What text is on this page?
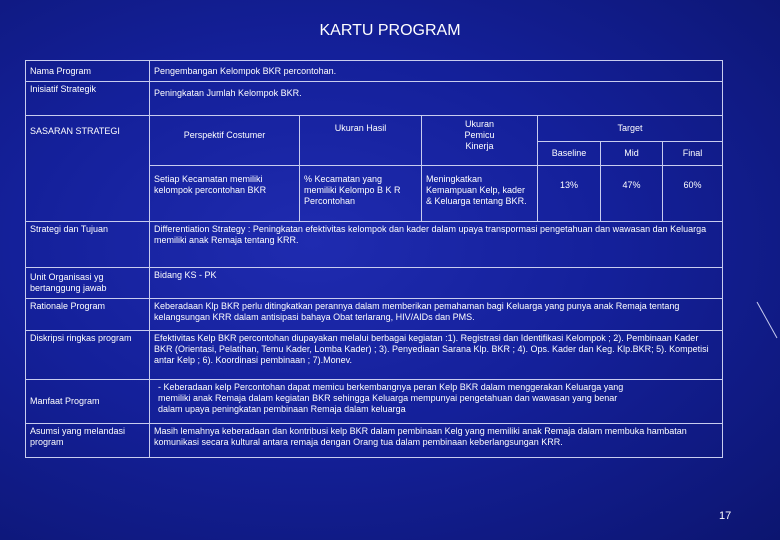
KARTU PROGRAM
Nama Program	Pengembangan Kelompok BKR percontohan.					
Inisiatif Strategik	Peningkatan Jumlah Kelompok BKR.					
SASARAN STRATEGI	Perspektif Costumer	Ukuran Hasil	Ukuran Pemicu Kinerja	Target		
				Baseline	Mid	Final
	Setiap Kecamatan memiliki kelompok percontohan BKR	% Kecamatan yang memiliki Kelompo B K R Percontohan	Meningkatkan Kemampuan Kelp, kader & Keluarga tentang BKR.	13%	47%	60%
Strategi dan Tujuan	Differentiation Strategy : Peningkatan efektivitas kelompok dan kader dalam upaya transpormasi pengetahuan dan wawasan dan Keluarga memiliki anak Remaja tentang KRR.					
Unit Organisasi yg bertanggung jawab	Bidang KS - PK					
Rationale Program	Keberadaan Klp BKR perlu ditingkatkan perannya dalam memberikan pemahaman bagi Keluarga yang punya anak Remaja tentang kelangsungan KRR dalam antisipasi bahaya Obat terlarang, HIV/AIDs dan PMS.					
Diskripsi ringkas program	Efektivitas Kelp BKR percontohan diupayakan melalui berbagai kegiatan :1). Registrasi dan Identifikasi Kelompok ; 2). Pembinaan Kader BKR (Orientasi, Pelatihan, Temu Kader, Lomba Kader) ; 3). Penyediaan Sarana Klp. BKR ; 4). Ops. Kader dan Keg. Klp.BKR; 5). Kompetisi antar Kelp ; 6). Koordinasi pembinaan ; 7).Monev.					
Manfaat Program	- Keberadaan kelp Percontohan dapat memicu berkembangnya peran Kelp BKR dalam menggerakan Keluarga yang memiliki anak Remaja dalam kegiatan BKR sehingga Keluarga mempunyai pengetahuan dan wawasan yang benar dalam upaya peningkatan pembinaan Remaja dalam keluarga					
Asumsi yang melandasi program	Masih lemahnya keberadaan dan kontribusi kelp BKR dalam pembinaan Kelg yang memiliki anak Remaja dalam membuka hambatan komunikasi secara kultural antara remaja dengan Orang tua dalam pembinaan keberlangsungan KRR.					
17
